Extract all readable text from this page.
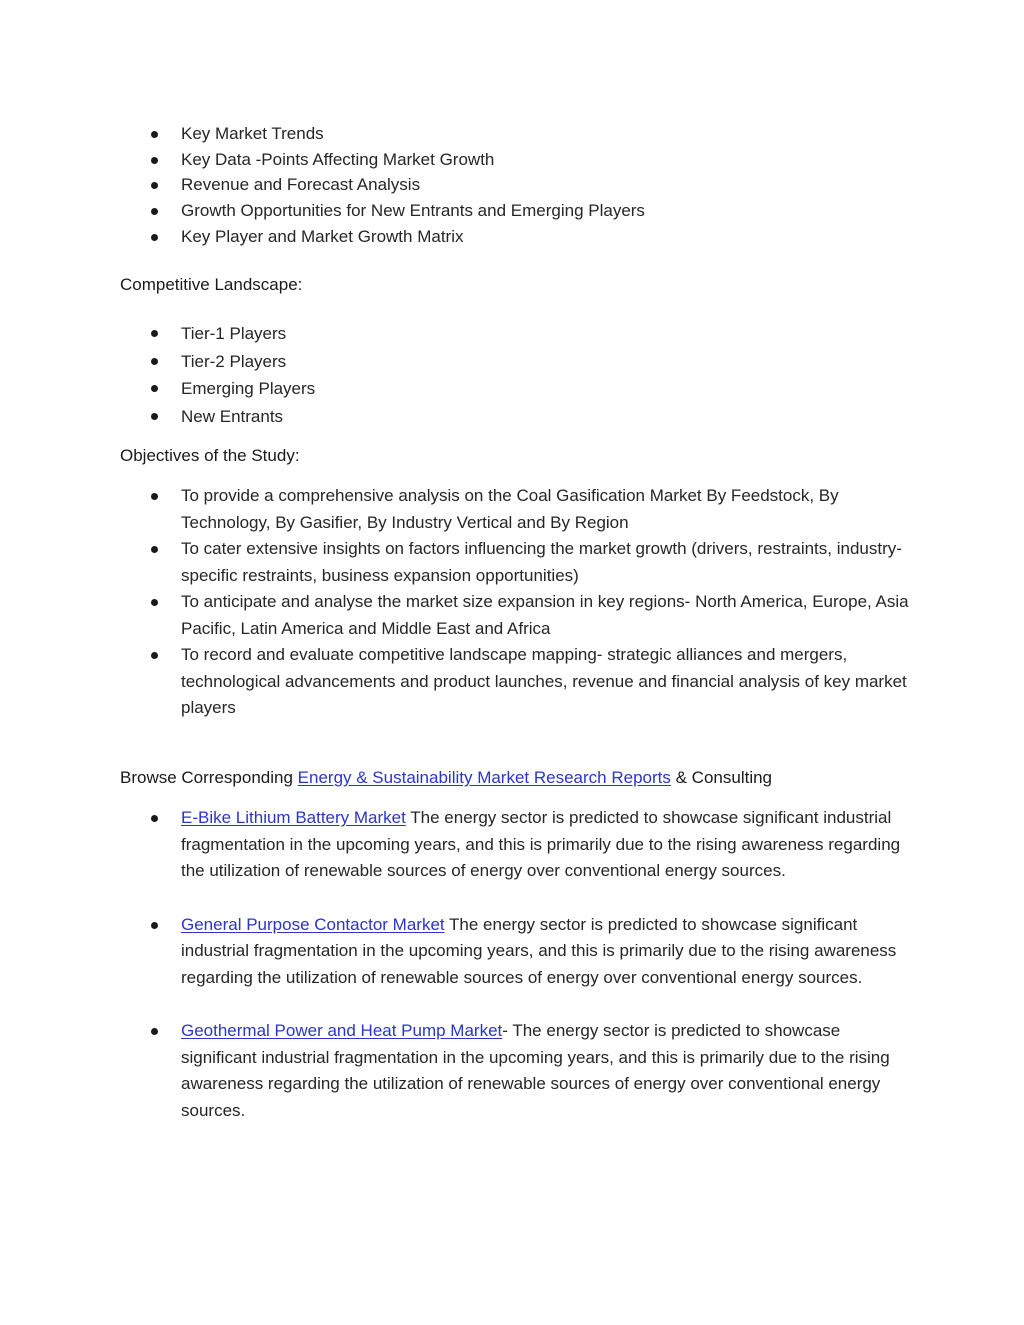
Key Market Trends
Key Data -Points Affecting Market Growth
Revenue and Forecast Analysis
Growth Opportunities for New Entrants and Emerging Players
Key Player and Market Growth Matrix
Competitive Landscape:
Tier-1 Players
Tier-2 Players
Emerging Players
New Entrants
Objectives of the Study:
To provide a comprehensive analysis on the Coal Gasification Market By Feedstock, By Technology, By Gasifier, By Industry Vertical and By Region
To cater extensive insights on factors influencing the market growth (drivers, restraints, industry-specific restraints, business expansion opportunities)
To anticipate and analyse the market size expansion in key regions- North America, Europe, Asia Pacific, Latin America and Middle East and Africa
To record and evaluate competitive landscape mapping- strategic alliances and mergers, technological advancements and product launches, revenue and financial analysis of key market players

Browse Corresponding Energy & Sustainability Market Research Reports & Consulting

E-Bike Lithium Battery Market The energy sector is predicted to showcase significant industrial fragmentation in the upcoming years, and this is primarily due to the rising awareness regarding the utilization of renewable sources of energy over conventional energy sources.
General Purpose Contactor Market The energy sector is predicted to showcase significant industrial fragmentation in the upcoming years, and this is primarily due to the rising awareness regarding the utilization of renewable sources of energy over conventional energy sources.
Geothermal Power and Heat Pump Market- The energy sector is predicted to showcase significant industrial fragmentation in the upcoming years, and this is primarily due to the rising awareness regarding the utilization of renewable sources of energy over conventional energy sources.
